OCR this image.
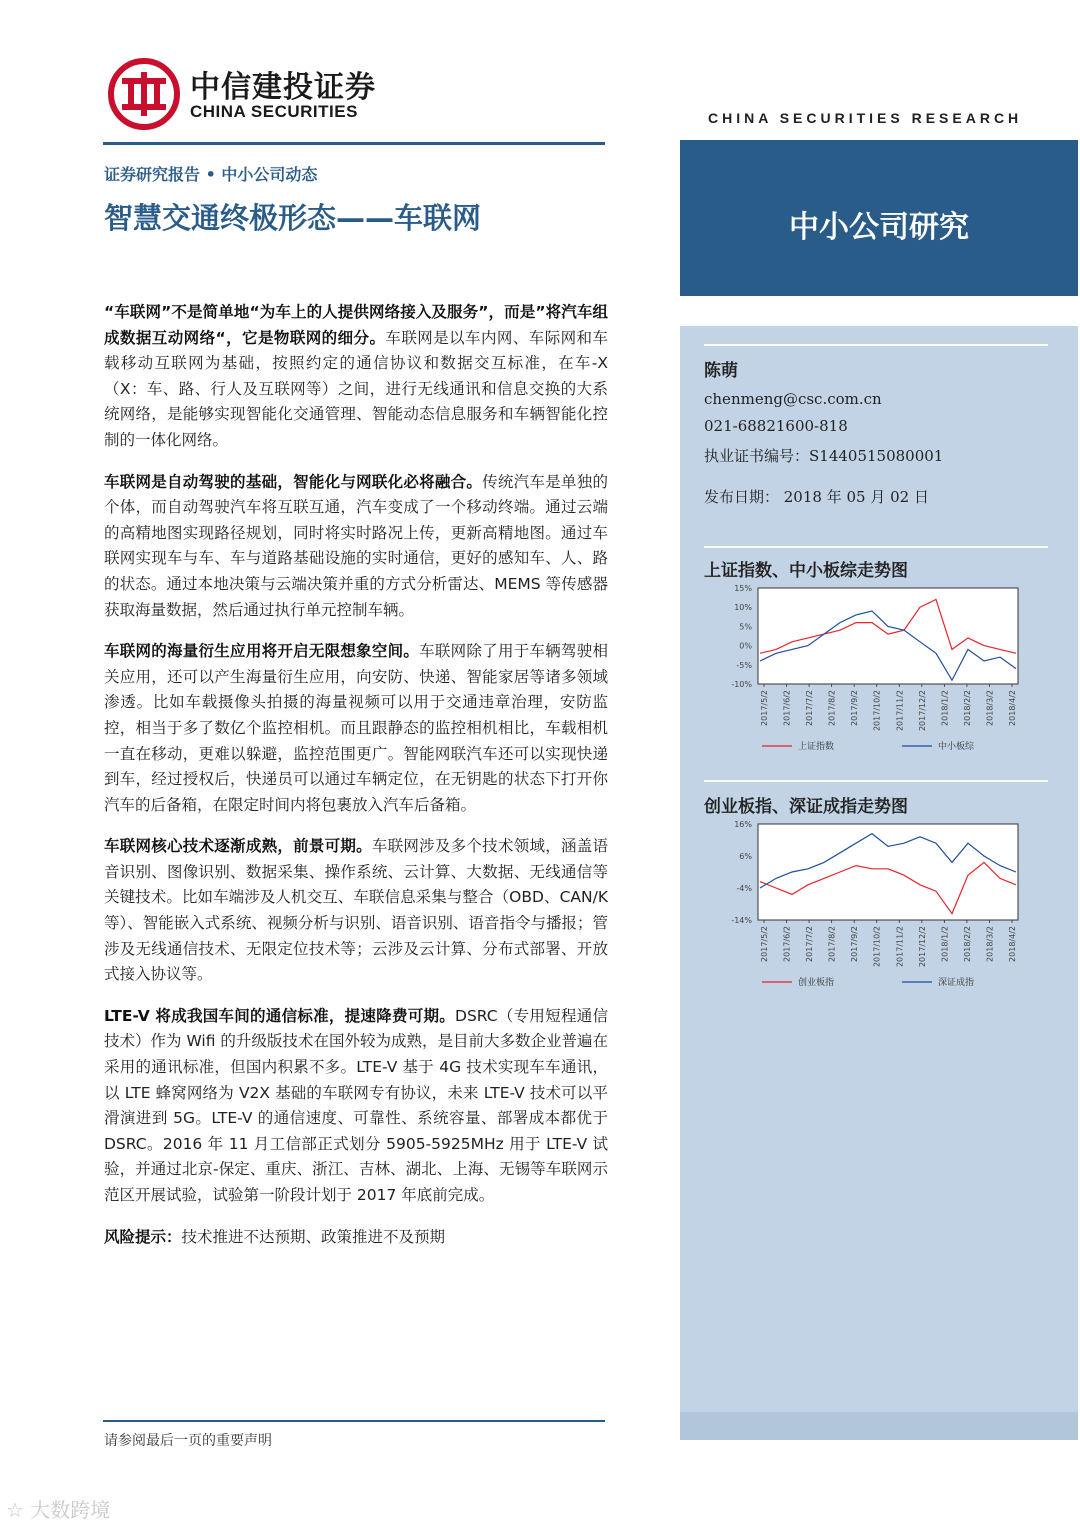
中信建投证券
CHINA SECURITIES	CHINA SECURITIES RESEARCH
证券研究报告 • 中小公司动态
智慧交通终极形态——车联网	中小公司研究
陈萌
chenmeng@csc.com.cn
021-68821600-818
执业证书编号：S1440515080001
发布日期： 2018 年 05 月 02 日
上证指数、中小板综走势图
15%
10%
5%
0%
-5%
-10%
2017/5/2 2017/6/2 2017/7/2 2017/8/2 2017/9/2 2017/10/2 2017/11/2 2017/12/2 2018/1/2 2018/2/2 2018/3/2 2018/4/2
上证指数	中小板综
创业板指、深证成指走势图
16%
6%
-4%
-14%
2017/5/2 2017/6/2 2017/7/2 2017/8/2 2017/9/2 2017/10/2 2017/11/2 2017/12/2 2018/1/2 2018/2/2 2018/3/2 2018/4/2
创业板指	深证成指

“车联网”不是简单地“为车上的人提供网络接入及服务”，而是”将汽车组成数据互动网络“，它是物联网的细分。车联网是以车内网、车际网和车载移动互联网为基础，按照约定的通信协议和数据交互标准，在车-X（X：车、路、行人及互联网等）之间，进行无线通讯和信息交换的大系统网络，是能够实现智能化交通管理、智能动态信息服务和车辆智能化控制的一体化网络。

车联网是自动驾驶的基础，智能化与网联化必将融合。传统汽车是单独的个体，而自动驾驶汽车将互联互通，汽车变成了一个移动终端。通过云端的高精地图实现路径规划，同时将实时路况上传，更新高精地图。通过车联网实现车与车、车与道路基础设施的实时通信，更好的感知车、人、路的状态。通过本地决策与云端决策并重的方式分析雷达、MEMS 等传感器获取海量数据，然后通过执行单元控制车辆。

车联网的海量衍生应用将开启无限想象空间。车联网除了用于车辆驾驶相关应用，还可以产生海量衍生应用，向安防、快递、智能家居等诸多领域渗透。比如车载摄像头拍摄的海量视频可以用于交通违章治理，安防监控，相当于多了数亿个监控相机。而且跟静态的监控相机相比，车载相机一直在移动，更难以躲避，监控范围更广。智能网联汽车还可以实现快递到车，经过授权后，快递员可以通过车辆定位，在无钥匙的状态下打开你汽车的后备箱，在限定时间内将包裹放入汽车后备箱。

车联网核心技术逐渐成熟，前景可期。车联网涉及多个技术领域，涵盖语音识别、图像识别、数据采集、操作系统、云计算、大数据、无线通信等关键技术。比如车端涉及人机交互、车联信息采集与整合（OBD、CAN/K 等）、智能嵌入式系统、视频分析与识别、语音识别、语音指令与播报；管涉及无线通信技术、无限定位技术等；云涉及云计算、分布式部署、开放式接入协议等。

LTE-V 将成我国车间的通信标准，提速降费可期。DSRC（专用短程通信技术）作为 Wifi 的升级版技术在国外较为成熟，是目前大多数企业普遍在采用的通讯标准，但国内积累不多。LTE-V 基于 4G 技术实现车车通讯，以 LTE 蜂窝网络为 V2X 基础的车联网专有协议，未来 LTE-V 技术可以平滑演进到 5G。LTE-V 的通信速度、可靠性、系统容量、部署成本都优于 DSRC。2016 年 11 月工信部正式划分 5905-5925MHz 用于 LTE-V 试验，并通过北京-保定、重庆、浙江、吉林、湖北、上海、无锡等车联网示范区开展试验，试验第一阶段计划于 2017 年底前完成。

风险提示：技术推进不达预期、政策推进不及预期

请参阅最后一页的重要声明
☆ 大数跨境
